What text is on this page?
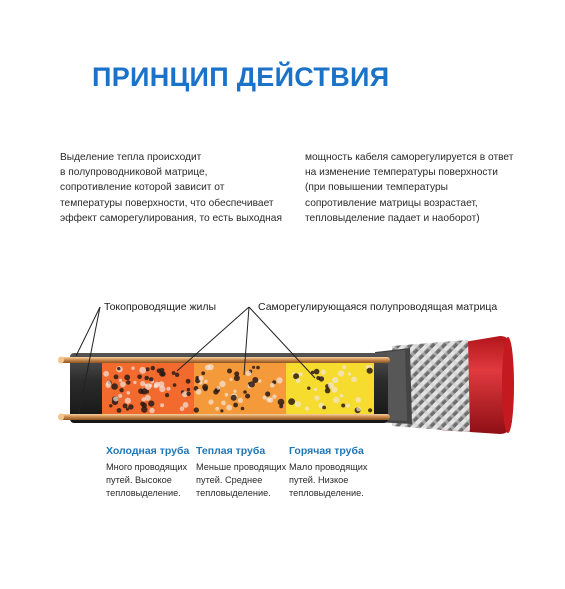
ПРИНЦИП ДЕЙСТВИЯ
Выделение тепла происходит
в полупроводниковой матрице,
сопротивление которой зависит от
температуры поверхности, что обеспечивает
эффект саморегулирования, то есть выходная
мощность кабеля саморегулируется в ответ
на изменение температуры поверхности
(при повышении температуры
сопротивление матрицы возрастает,
тепловыделение падает и наоборот)
Токопроводящие жилы	Саморегулирующаяся полупроводящая матрица
Холодная труба
Много проводящих
путей. Высокое
тепловыделение.
Теплая труба
Меньше проводящих
путей. Среднее
тепловыделение.
Горячая труба
Мало проводящих
путей. Низкое
тепловыделение.
